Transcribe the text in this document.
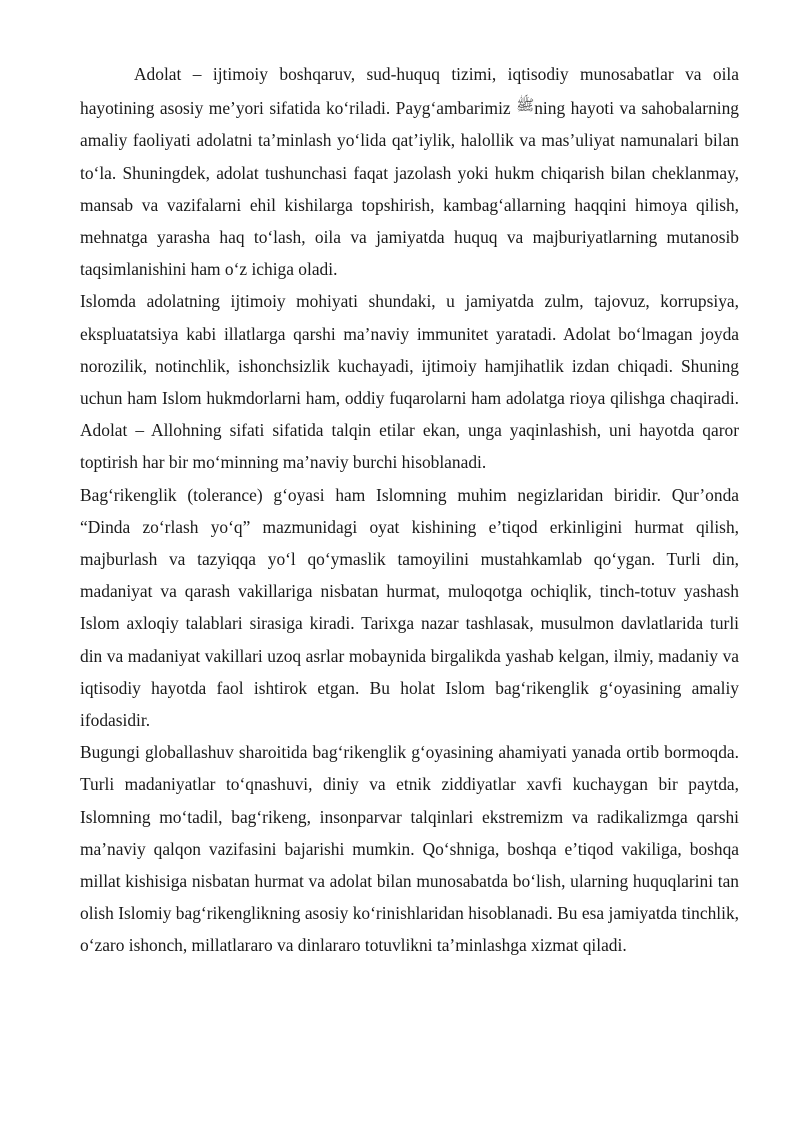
Adolat – ijtimoiy boshqaruv, sud-huquq tizimi, iqtisodiy munosabatlar va oila hayotining asosiy me’yori sifatida ko‘riladi. Payg‘ambarimiz ﷺning hayoti va sahobalarning amaliy faoliyati adolatni ta’minlash yo‘lida qat’iylik, halollik va mas’uliyat namunalari bilan to‘la. Shuningdek, adolat tushunchasi faqat jazolash yoki hukm chiqarish bilan cheklanmay, mansab va vazifalarni ehil kishilarga topshirish, kambag‘allarning haqqini himoya qilish, mehnatga yarasha haq to‘lash, oila va jamiyatda huquq va majburiyatlarning mutanosib taqsimlanishini ham o‘z ichiga oladi.

Islomda adolatning ijtimoiy mohiyati shundaki, u jamiyatda zulm, tajovuz, korrupsiya, ekspluatatsiya kabi illatlarga qarshi ma’naviy immunitet yaratadi. Adolat bo‘lmagan joyda norozilik, notinchlik, ishonchsizlik kuchayadi, ijtimoiy hamjihatlik izdan chiqadi. Shuning uchun ham Islom hukmdorlarni ham, oddiy fuqarolarni ham adolatga rioya qilishga chaqiradi. Adolat – Allohning sifati sifatida talqin etilar ekan, unga yaqinlashish, uni hayotda qaror toptirish har bir mo‘minning ma’naviy burchi hisoblanadi.

Bag‘rikenglik (tolerance) g‘oyasi ham Islomning muhim negizlaridan biridir. Qur’onda “Dinda zo‘rlash yo‘q” mazmunidagi oyat kishining e’tiqod erkinligini hurmat qilish, majburlash va tazyiqqa yo‘l qo‘ymaslik tamoyilini mustahkamlab qo‘ygan. Turli din, madaniyat va qarash vakillariga nisbatan hurmat, muloqotga ochiqlik, tinch-totuv yashash Islom axloqiy talablari sirasiga kiradi. Tarixga nazar tashlasak, musulmon davlatlarida turli din va madaniyat vakillari uzoq asrlar mobaynida birgalikda yashab kelgan, ilmiy, madaniy va iqtisodiy hayotda faol ishtirok etgan. Bu holat Islom bag‘rikenglik g‘oyasining amaliy ifodasidir.

Bugungi globallashuv sharoitida bag‘rikenglik g‘oyasining ahamiyati yanada ortib bormoqda. Turli madaniyatlar to‘qnashuvi, diniy va etnik ziddiyatlar xavfi kuchaygan bir paytda, Islomning mo‘tadil, bag‘rikeng, insonparvar talqinlari ekstremizm va radikalizmga qarshi ma’naviy qalqon vazifasini bajarishi mumkin. Qo‘shniga, boshqa e’tiqod vakiliga, boshqa millat kishisiga nisbatan hurmat va adolat bilan munosabatda bo‘lish, ularning huquqlarini tan olish Islomiy bag‘rikenglikning asosiy ko‘rinishlaridan hisoblanadi. Bu esa jamiyatda tinchlik, o‘zaro ishonch, millatlararo va dinlararo totuvlikni ta’minlashga xizmat qiladi.
